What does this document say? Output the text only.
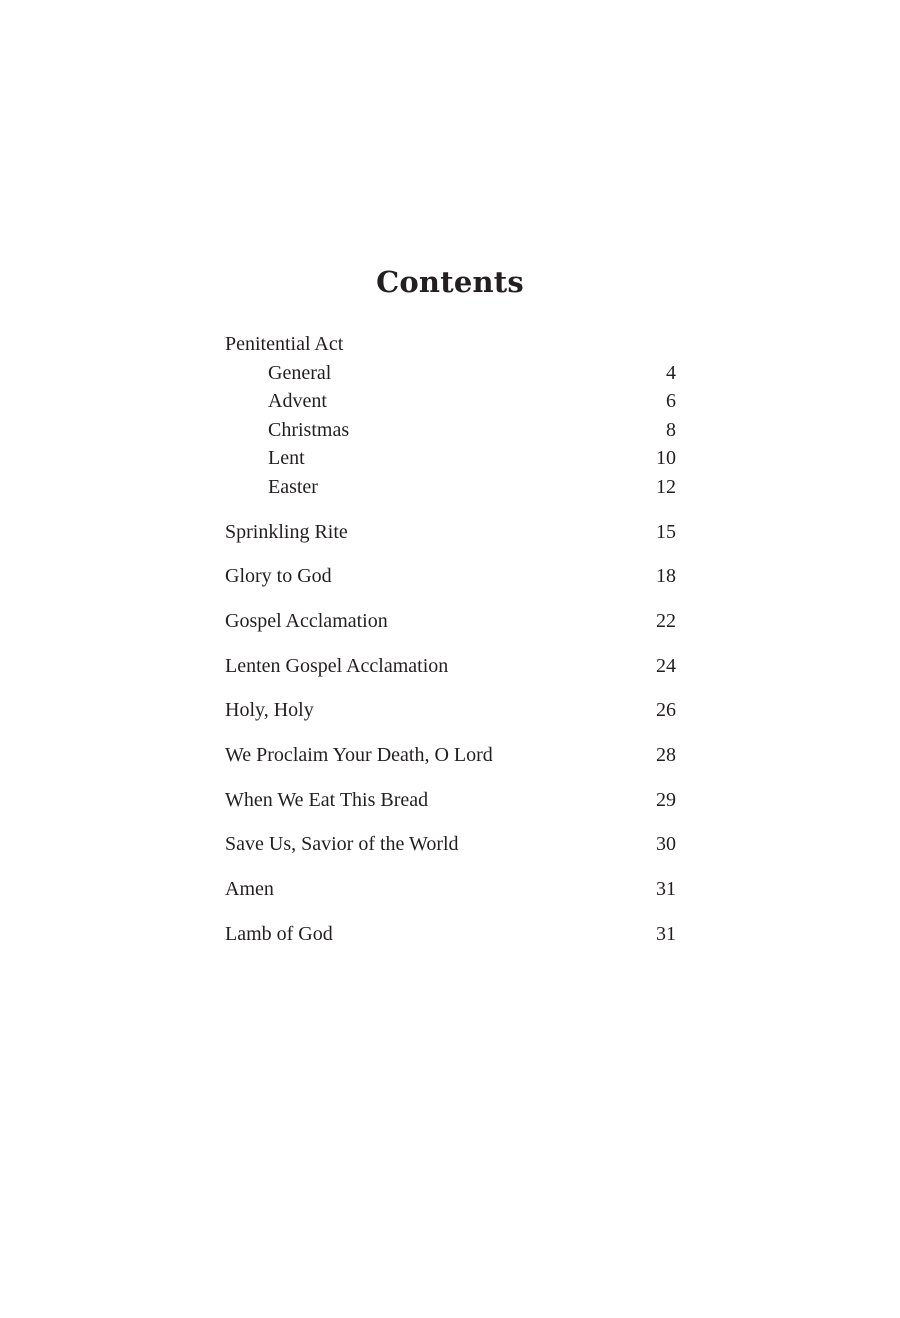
Contents
Penitential Act
General	4
Advent	6
Christmas	8
Lent	10
Easter	12
Sprinkling Rite	15
Glory to God	18
Gospel Acclamation	22
Lenten Gospel Acclamation	24
Holy, Holy	26
We Proclaim Your Death, O Lord	28
When We Eat This Bread	29
Save Us, Savior of the World	30
Amen	31
Lamb of God	31
